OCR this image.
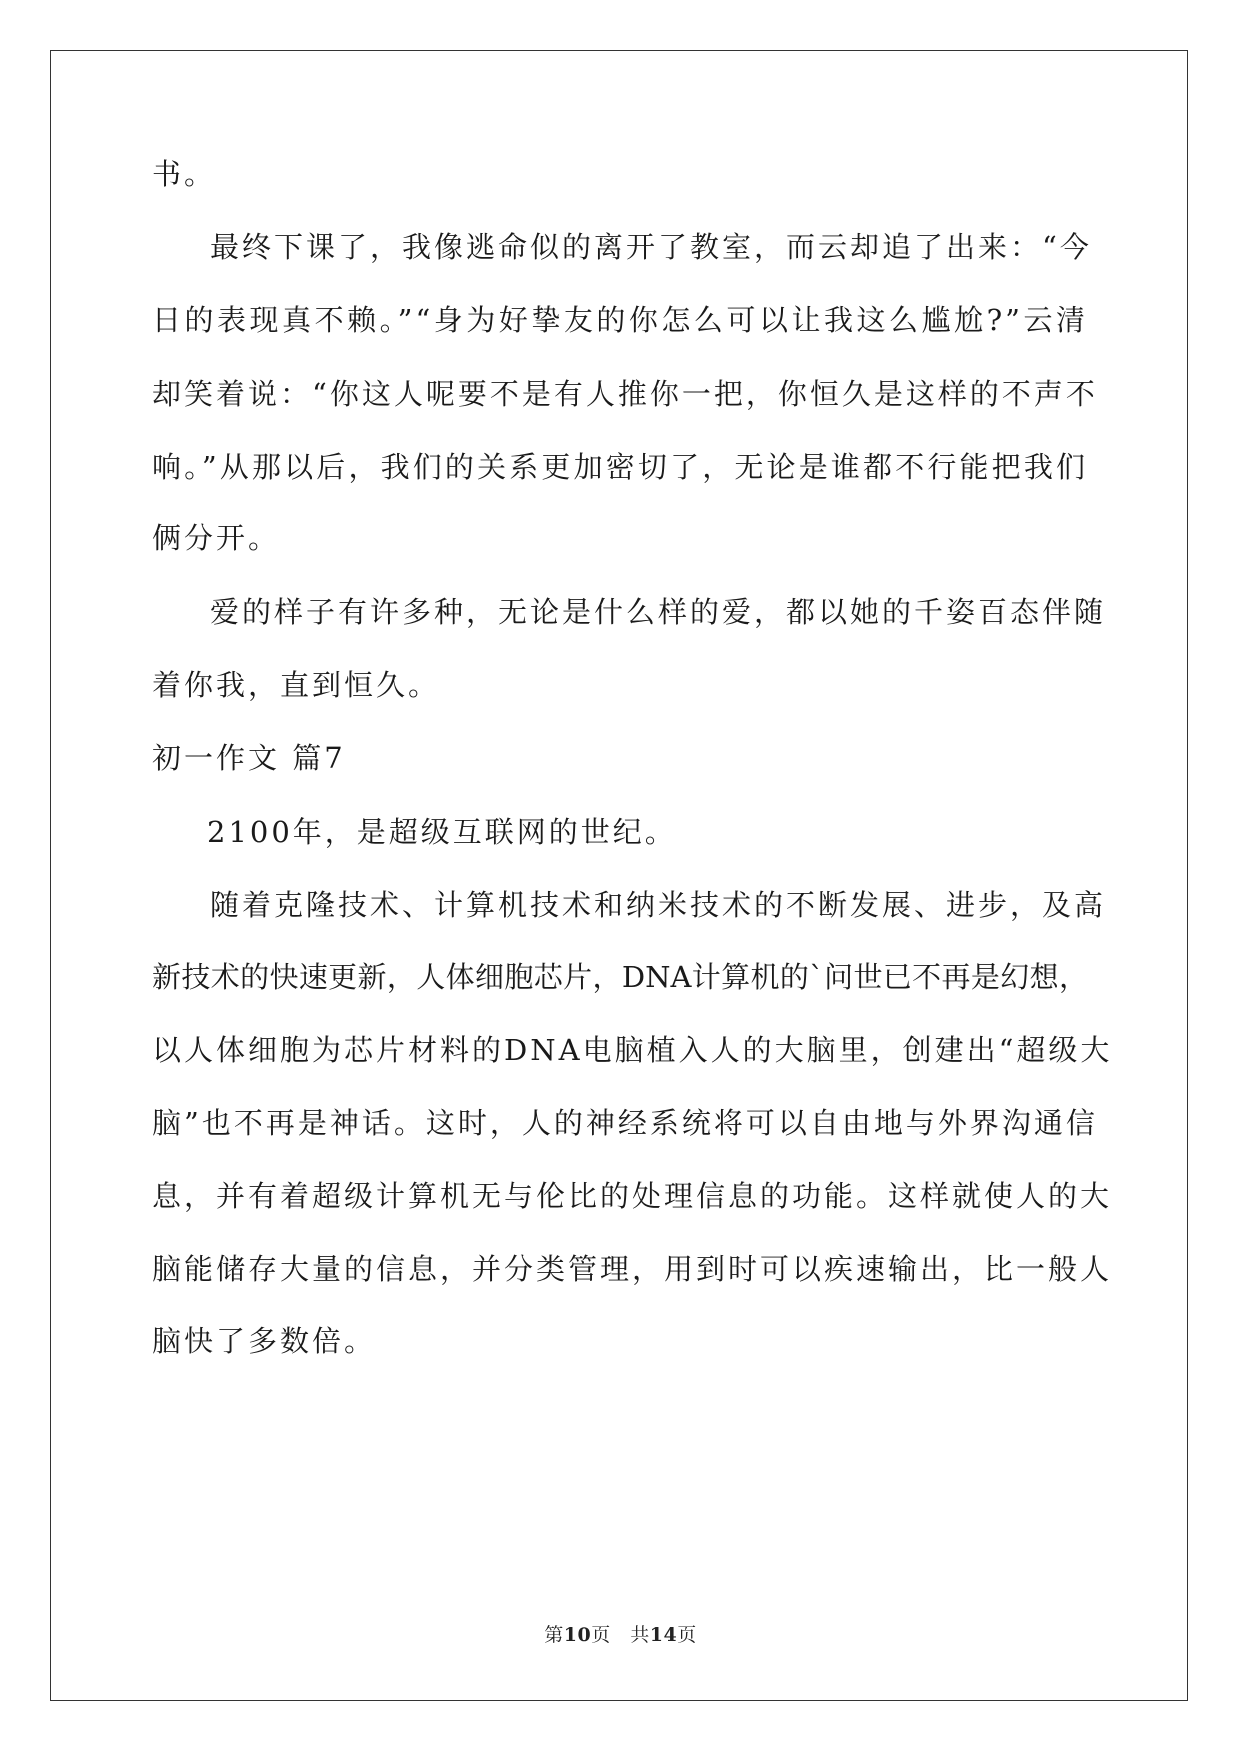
书。
最终下课了，我像逃命似的离开了教室，而云却追了出来：“今
日的表现真不赖。”“身为好挚友的你怎么可以让我这么尴尬?”云清
却笑着说：“你这人呢要不是有人推你一把，你恒久是这样的不声不
响。”从那以后，我们的关系更加密切了，无论是谁都不行能把我们
俩分开。
爱的样子有许多种，无论是什么样的爱，都以她的千姿百态伴随
着你我，直到恒久。
初一作文 篇7
2100年，是超级互联网的世纪。
随着克隆技术、计算机技术和纳米技术的不断发展、进步，及高
新技术的快速更新，人体细胞芯片，DNA计算机的`问世已不再是幻想，
以人体细胞为芯片材料的DNA电脑植入人的大脑里，创建出“超级大
脑”也不再是神话。这时，人的神经系统将可以自由地与外界沟通信
息，并有着超级计算机无与伦比的处理信息的功能。这样就使人的大
脑能储存大量的信息，并分类管理，用到时可以疾速输出，比一般人
脑快了多数倍。
第10页　共14页
